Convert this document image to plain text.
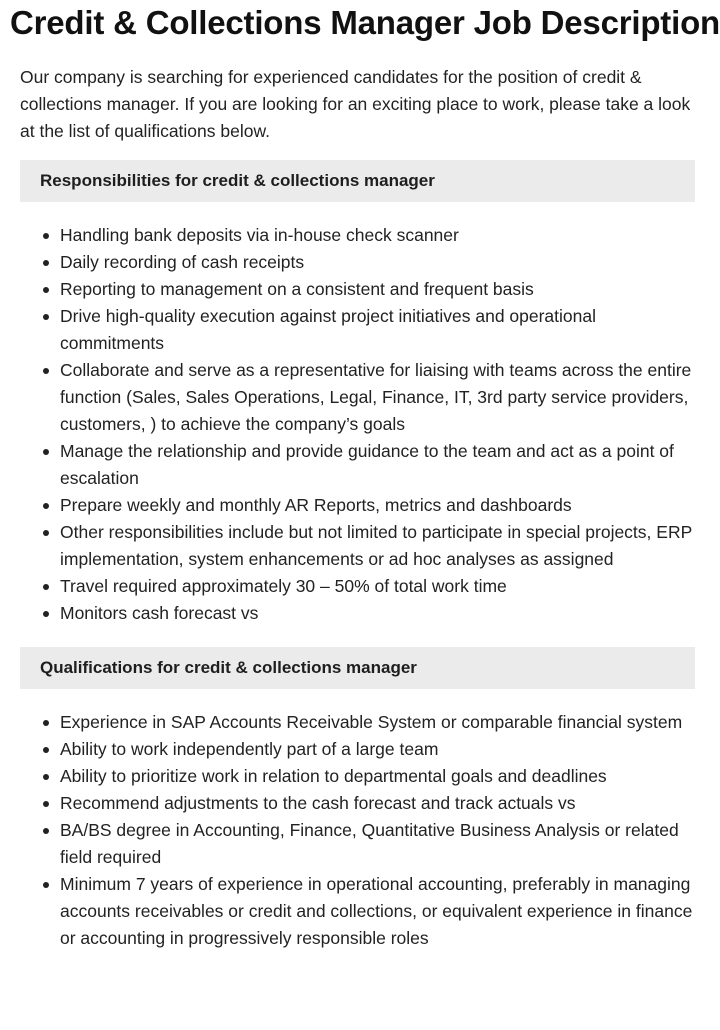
Credit & Collections Manager Job Description

Our company is searching for experienced candidates for the position of credit & collections manager. If you are looking for an exciting place to work, please take a look at the list of qualifications below.

Responsibilities for credit & collections manager
Handling bank deposits via in-house check scanner
Daily recording of cash receipts
Reporting to management on a consistent and frequent basis
Drive high-quality execution against project initiatives and operational commitments
Collaborate and serve as a representative for liaising with teams across the entire function (Sales, Sales Operations, Legal, Finance, IT, 3rd party service providers, customers, ) to achieve the company’s goals
Manage the relationship and provide guidance to the team and act as a point of escalation
Prepare weekly and monthly AR Reports, metrics and dashboards
Other responsibilities include but not limited to participate in special projects, ERP implementation, system enhancements or ad hoc analyses as assigned
Travel required approximately 30 – 50% of total work time
Monitors cash forecast vs
Qualifications for credit & collections manager
Experience in SAP Accounts Receivable System or comparable financial system
Ability to work independently part of a large team
Ability to prioritize work in relation to departmental goals and deadlines
Recommend adjustments to the cash forecast and track actuals vs
BA/BS degree in Accounting, Finance, Quantitative Business Analysis or related field required
Minimum 7 years of experience in operational accounting, preferably in managing accounts receivables or credit and collections, or equivalent experience in finance or accounting in progressively responsible roles
